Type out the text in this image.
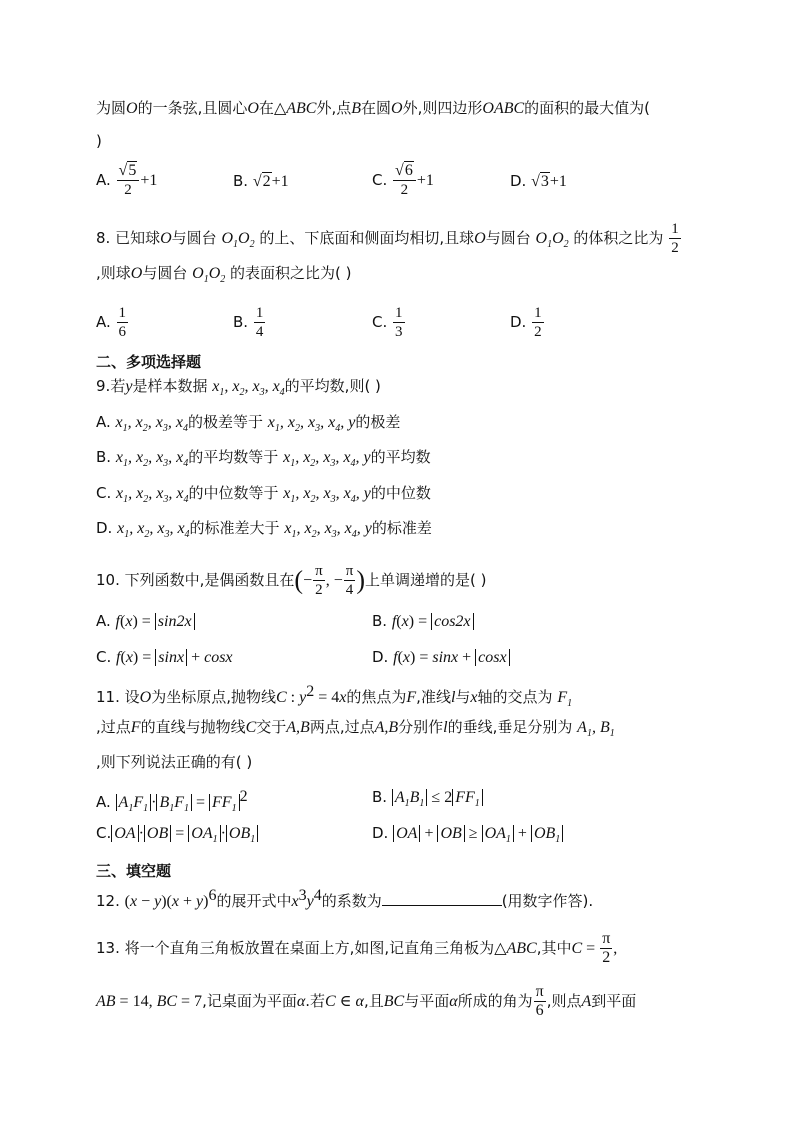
为圆O的一条弦,且圆心O在△ABC外,点B在圆O外,则四边形OABC的面积的最大值为(
)
A. $\frac{√5}{2} +1$	B. √2+1	C. $\frac{√6}{2} +1$	D. √3+1
8. 已知球O与圆台 $O_1O_2$ 的上、下底面和侧面均相切,且球O与圆台 $O_1O_2$ 的体积之比为 $\frac{1}{2}$
,则球O与圆台 $O_1O_2$ 的表面积之比为( )
A. $\frac{1}{6}$	B. $\frac{1}{4}$	C. $\frac{1}{3}$	D. $\frac{1}{2}$
二、多项选择题
9.若y是样本数据 $x_1$, $x_2$, $x_3$, $x_4$的平均数,则( )
A. $x_1$, $x_2$, $x_3$, $x_4$的极差等于 $x_1$, $x_2$, $x_3$, $x_4$, y的极差
B. $x_1$, $x_2$, $x_3$, $x_4$的平均数等于 $x_1$, $x_2$, $x_3$, $x_4$, y的平均数
C. $x_1$, $x_2$, $x_3$, $x_4$的中位数等于 $x_1$, $x_2$, $x_3$, $x_4$, y的中位数
D. $x_1$, $x_2$, $x_3$, $x_4$的标准差大于 $x_1$, $x_2$, $x_3$, $x_4$, y的标准差
10. 下列函数中,是偶函数且在(− $\frac{\pi}{2}$ , − $\frac{\pi}{4}$ )上单调递增的是( )
A. f(x) = sin2x	B. f(x) = cos2x
C. f(x) = sinx + cosx	D. f(x) = sinx + cosx
11. 设O为坐标原点,抛物线C : $y^2 = 4x$的焦点为F,准线l与x轴的交点为 $F_1$
,过点F的直线与抛物线C交于A,B两点,过点A,B分别作l的垂线,垂足分别为 $A_1$, $B_1$
,则下列说法正确的有( )
A. $A_1F_1 \cdot B_1F_1 = FF_1^2$	B. $A_1B_1 \le 2$ $FF_1$
C. OA · OB = $OA_1 \cdot OB_1$	D. OA + OB ≥ $OA_1 + OB_1$
三、填空题
12. $(x - y)(x + y)^6$的展开式中$x^3y^4$的系数为	(用数字作答).
13. 将一个直角三角板放置在桌面上方,如图,记直角三角板为△ABC,其中$C = \frac{\pi}{2}$ ,
AB = 14, BC = 7,记桌面为平面α.若C ∈ α,且BC与平面α所成的角为 $\frac{\pi}{6}$ ,则点A到平面
